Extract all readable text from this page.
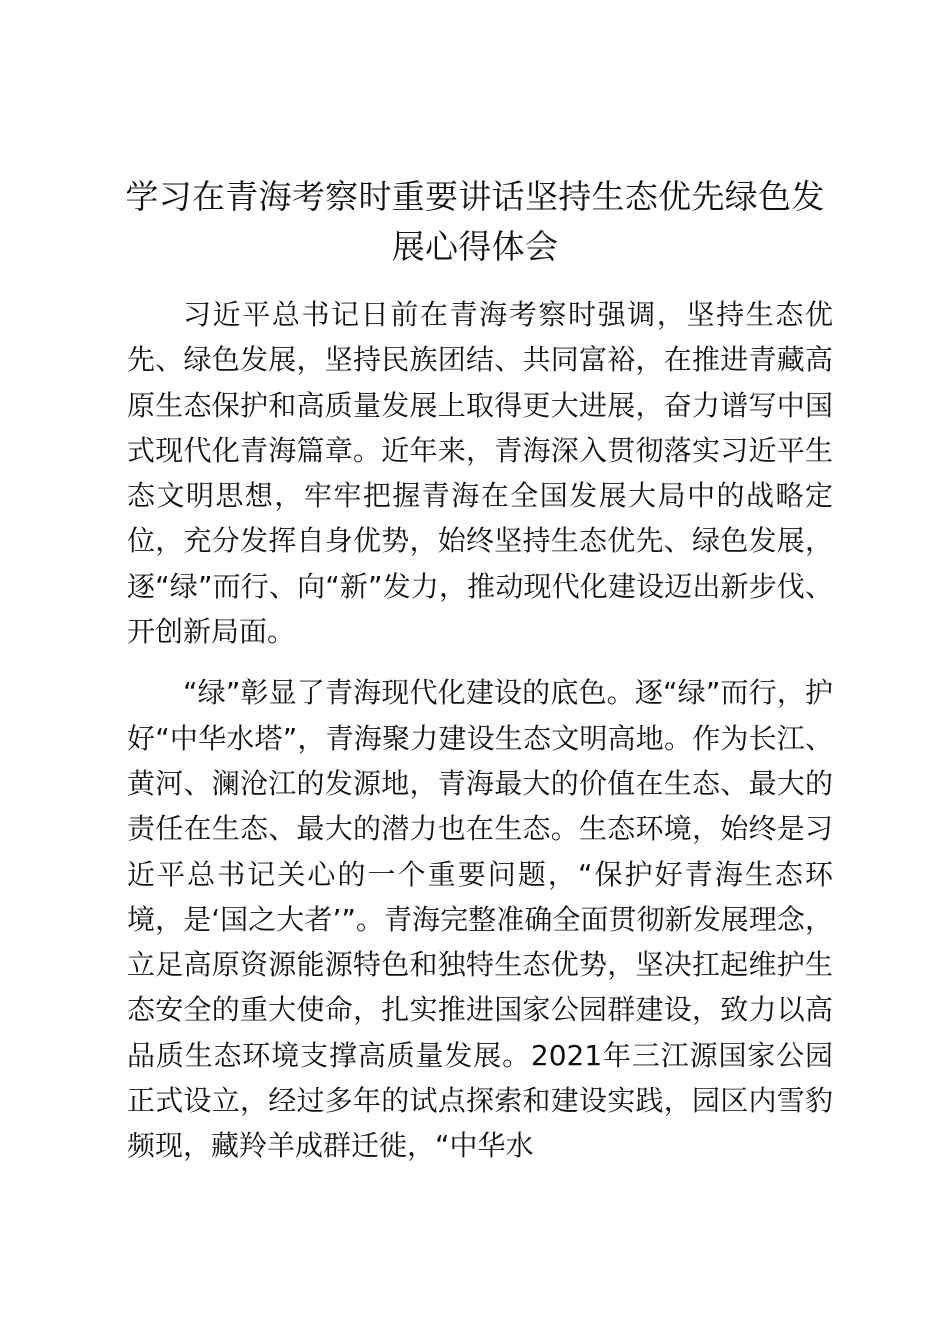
学习在青海考察时重要讲话坚持生态优先绿色发展心得体会

习近平总书记日前在青海考察时强调，坚持生态优先、绿色发展，坚持民族团结、共同富裕，在推进青藏高原生态保护和高质量发展上取得更大进展，奋力谱写中国式现代化青海篇章。近年来，青海深入贯彻落实习近平生态文明思想，牢牢把握青海在全国发展大局中的战略定位，充分发挥自身优势，始终坚持生态优先、绿色发展，逐“绿”而行、向“新”发力，推动现代化建设迈出新步伐、开创新局面。

“绿”彰显了青海现代化建设的底色。逐“绿”而行，护好“中华水塔”，青海聚力建设生态文明高地。作为长江、黄河、澜沧江的发源地，青海最大的价值在生态、最大的责任在生态、最大的潜力也在生态。生态环境，始终是习近平总书记关心的一个重要问题，“保护好青海生态环境，是‘国之大者’”。青海完整准确全面贯彻新发展理念，立足高原资源能源特色和独特生态优势，坚决扛起维护生态安全的重大使命，扎实推进国家公园群建设，致力以高品质生态环境支撑高质量发展。2021年三江源国家公园正式设立，经过多年的试点探索和建设实践，园区内雪豹频现，藏羚羊成群迁徙，“中华水
